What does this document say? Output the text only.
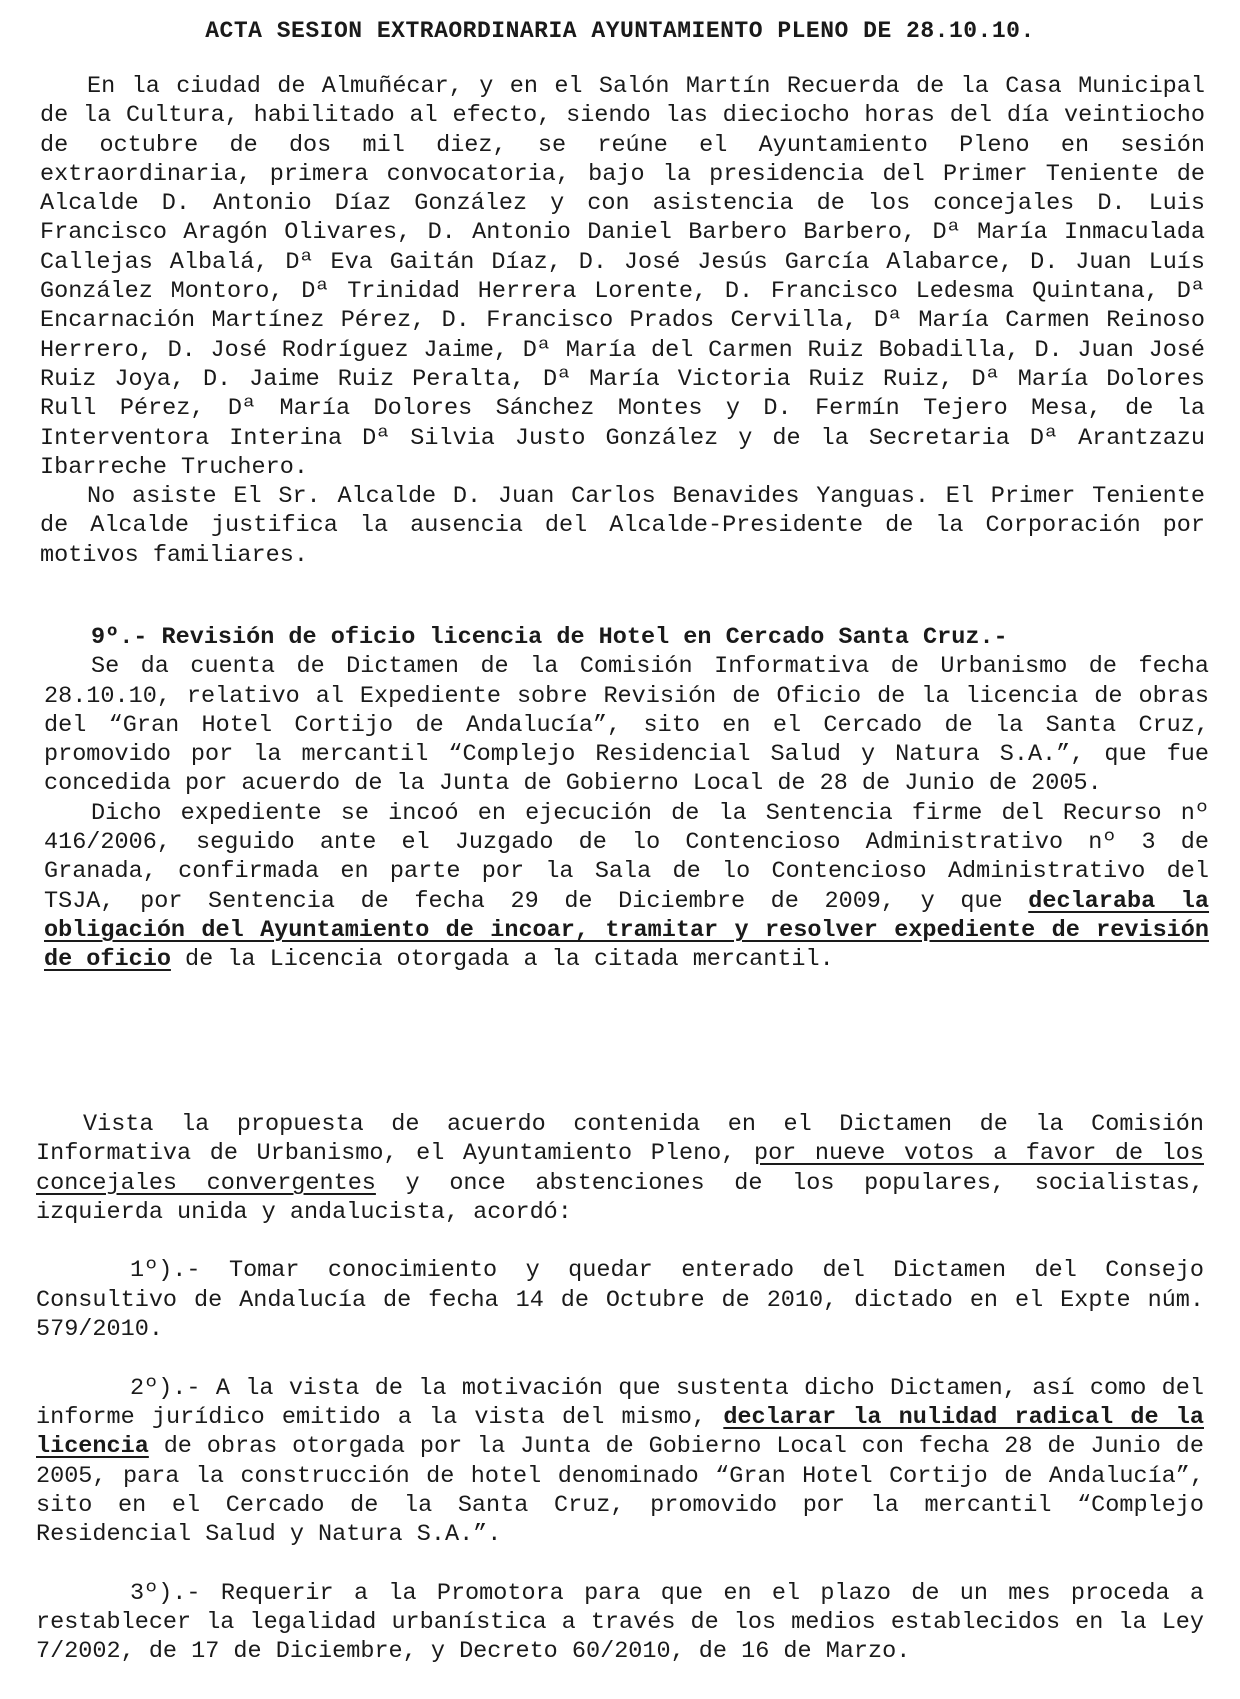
ACTA SESION EXTRAORDINARIA AYUNTAMIENTO PLENO DE 28.10.10.

En la ciudad de Almuñécar, y en el Salón Martín Recuerda de la Casa Municipal de la Cultura, habilitado al efecto, siendo las dieciocho horas del día veintiocho de octubre de dos mil diez, se reúne el Ayuntamiento Pleno en sesión extraordinaria, primera convocatoria, bajo la presidencia del Primer Teniente de Alcalde D. Antonio Díaz González y con asistencia de los concejales D. Luis Francisco Aragón Olivares, D. Antonio Daniel Barbero Barbero, Dª María Inmaculada Callejas Albalá, Dª Eva Gaitán Díaz, D. José Jesús García Alabarce, D. Juan Luís González Montoro, Dª Trinidad Herrera Lorente, D. Francisco Ledesma Quintana, Dª Encarnación Martínez Pérez, D. Francisco Prados Cervilla, Dª María Carmen Reinoso Herrero, D. José Rodríguez Jaime, Dª María del Carmen Ruiz Bobadilla, D. Juan José Ruiz Joya, D. Jaime Ruiz Peralta, Dª María Victoria Ruiz Ruiz, Dª María Dolores Rull Pérez, Dª María Dolores Sánchez Montes y D. Fermín Tejero Mesa, de la Interventora Interina Dª Silvia Justo González y de la Secretaria Dª Arantzazu Ibarreche Truchero.

No asiste El Sr. Alcalde D. Juan Carlos Benavides Yanguas. El Primer Teniente de Alcalde justifica la ausencia del Alcalde-Presidente de la Corporación por motivos familiares.

9º.- Revisión de oficio licencia de Hotel en Cercado Santa Cruz.-

Se da cuenta de Dictamen de la Comisión Informativa de Urbanismo de fecha 28.10.10, relativo al Expediente sobre Revisión de Oficio de la licencia de obras del “Gran Hotel Cortijo de Andalucía”, sito en el Cercado de la Santa Cruz, promovido por la mercantil “Complejo Residencial Salud y Natura S.A.”, que fue concedida por acuerdo de la Junta de Gobierno Local de 28 de Junio de 2005.

Dicho expediente se incoó en ejecución de la Sentencia firme del Recurso nº 416/2006, seguido ante el Juzgado de lo Contencioso Administrativo nº 3 de Granada, confirmada en parte por la Sala de lo Contencioso Administrativo del TSJA, por Sentencia de fecha 29 de Diciembre de 2009, y que declaraba la obligación del Ayuntamiento de incoar, tramitar y resolver expediente de revisión de oficio de la Licencia otorgada a la citada mercantil.

Vista la propuesta de acuerdo contenida en el Dictamen de la Comisión Informativa de Urbanismo, el Ayuntamiento Pleno, por nueve votos a favor de los concejales convergentes y once abstenciones de los populares, socialistas, izquierda unida y andalucista, acordó:

1º).- Tomar conocimiento y quedar enterado del Dictamen del Consejo Consultivo de Andalucía de fecha 14 de Octubre de 2010, dictado en el Expte núm. 579/2010.

2º).- A la vista de la motivación que sustenta dicho Dictamen, así como del informe jurídico emitido a la vista del mismo, declarar la nulidad radical de la licencia de obras otorgada por la Junta de Gobierno Local con fecha 28 de Junio de 2005, para la construcción de hotel denominado “Gran Hotel Cortijo de Andalucía”, sito en el Cercado de la Santa Cruz, promovido por la mercantil “Complejo Residencial Salud y Natura S.A.”.

3º).- Requerir a la Promotora para que en el plazo de un mes proceda a restablecer la legalidad urbanística a través de los medios establecidos en la Ley 7/2002, de 17 de Diciembre, y Decreto 60/2010, de 16 de Marzo.
